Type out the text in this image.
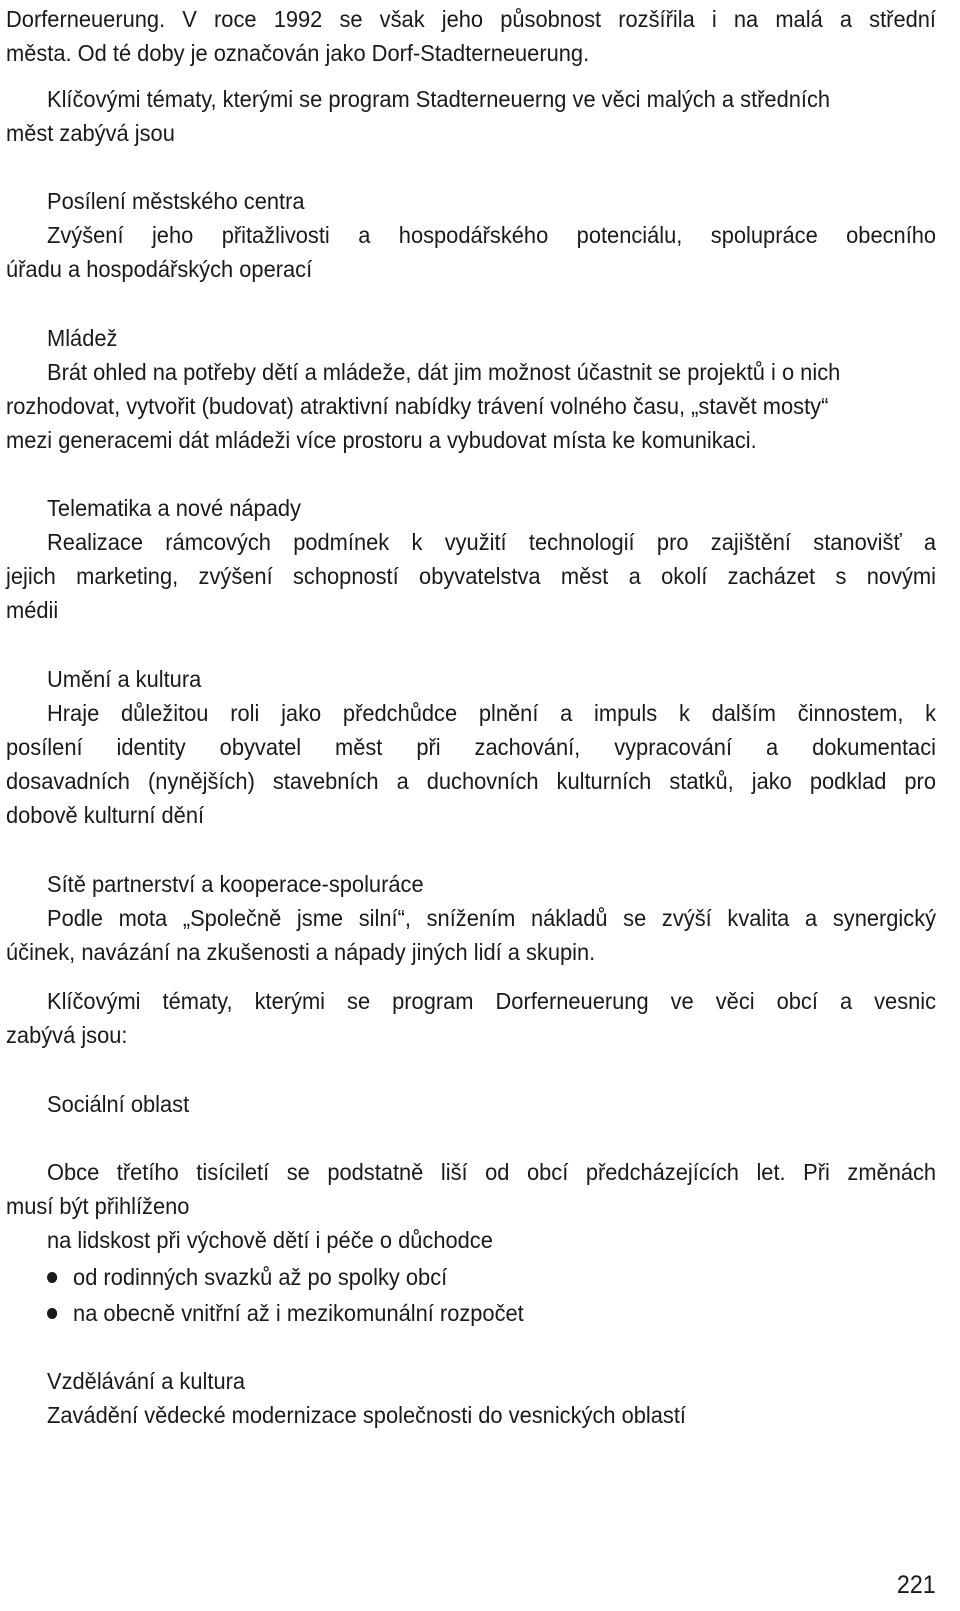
Dorferneuerung. V roce 1992 se však jeho působnost rozšířila i na malá a střední
města. Od té doby je označován jako Dorf-Stadterneuerung.
Klíčovými tématy, kterými se program Stadterneuerng ve věci malých a středních
měst zabývá jsou
Posílení městského centra
Zvýšení jeho přitažlivosti a hospodářského potenciálu, spolupráce obecního
úřadu a hospodářských operací
Mládež
Brát ohled na potřeby dětí a mládeže, dát jim možnost účastnit se projektů i o nich
rozhodovat, vytvořit (budovat) atraktivní nabídky trávení volného času, „stavět mosty“
mezi generacemi dát mládeži více prostoru a vybudovat místa ke komunikaci.
Telematika a nové nápady
Realizace rámcových podmínek k využití technologií pro zajištění stanovišť a
jejich marketing, zvýšení schopností obyvatelstva měst a okolí zacházet s novými
médii
Umění a kultura
Hraje důležitou roli jako předchůdce plnění a impuls k dalším činnostem, k
posílení identity obyvatel měst při zachování, vypracování a dokumentaci
dosavadních (nynějších) stavebních a duchovních kulturních statků, jako podklad pro
dobově kulturní dění
Sítě partnerství a kooperace-spolurácе
Podle mota „Společně jsme silní“, snížením nákladů se zvýší kvalita a synergický
účinek, navázání na zkušenosti a nápady jiných lidí a skupin.
Klíčovými tématy, kterými se program Dorferneuerung ve věci obcí a vesnic
zabývá jsou:
Sociální oblast
Obce třetího tisíciletí se podstatně liší od obcí předcházejících let. Při změnách
musí být přihlíženo
na lidskost při výchově dětí i péče o důchodce
od rodinných svazků až po spolky obcí
na obecně vnitřní až i mezikomunální rozpočet
Vzdělávání a kultura
Zavádění vědecké modernizace společnosti do vesnických oblastí
221
